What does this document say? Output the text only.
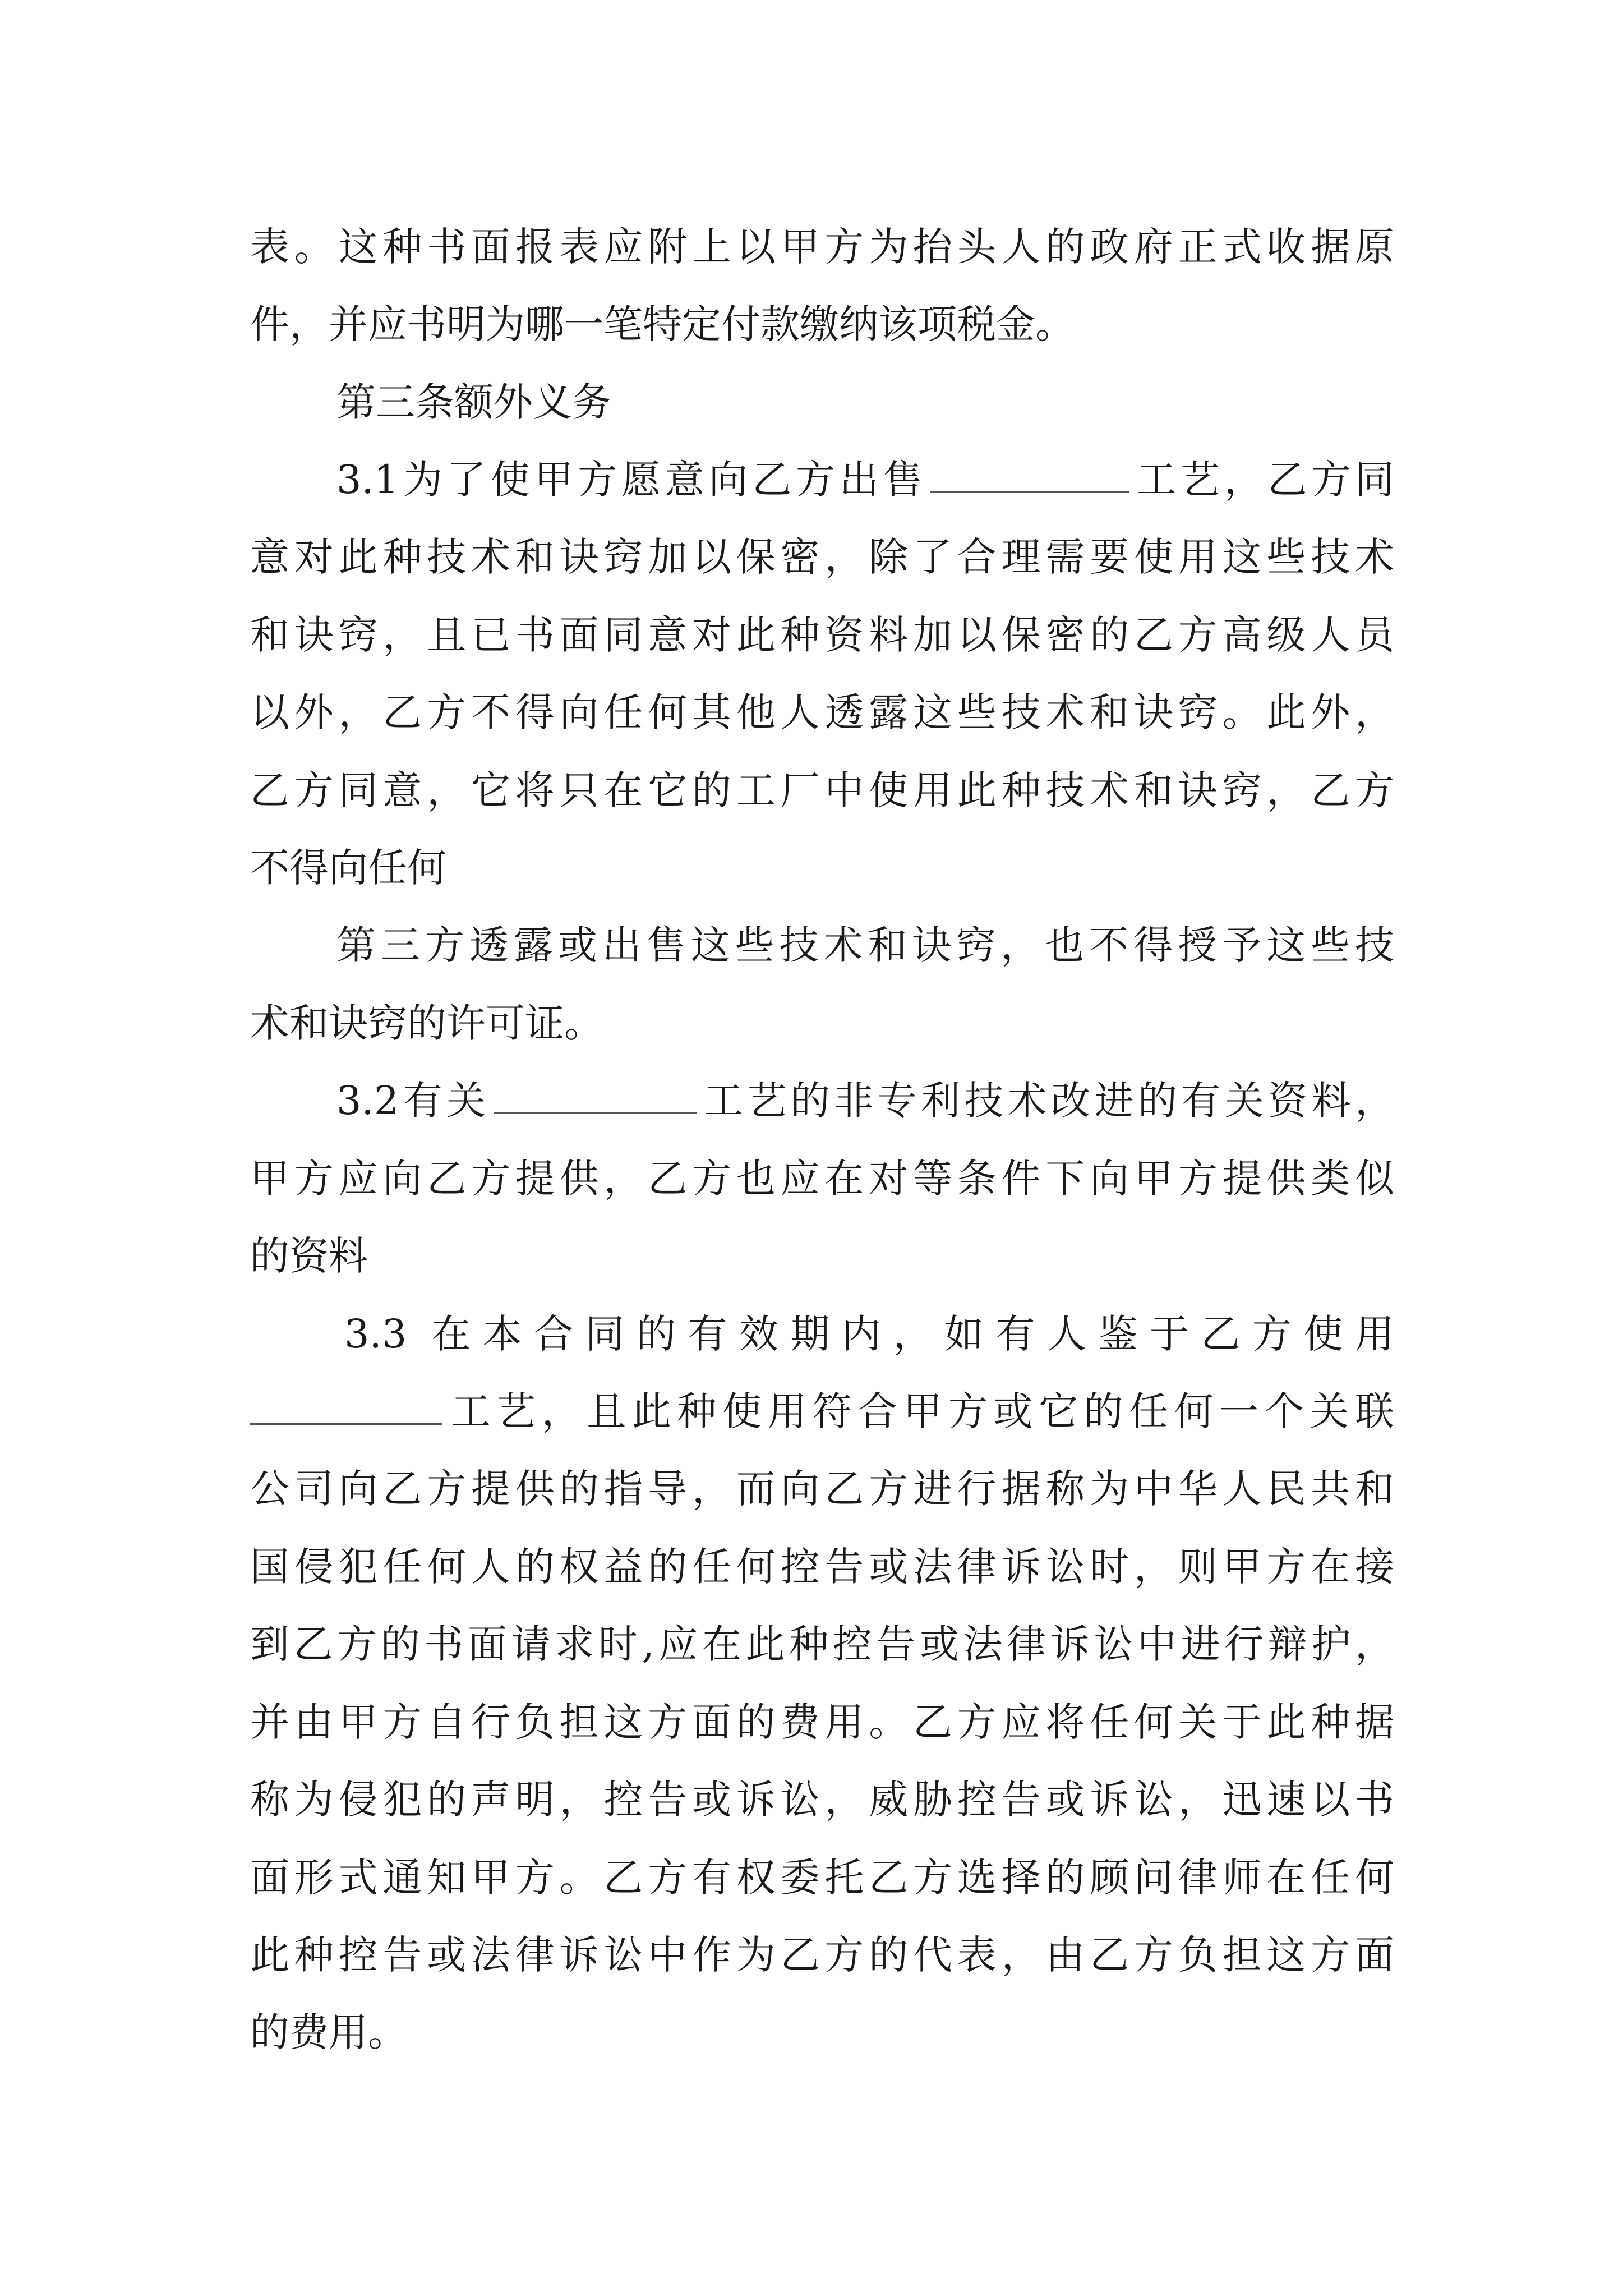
表。这种书面报表应附上以甲方为抬头人的政府正式收据原
件，并应书明为哪一笔特定付款缴纳该项税金。
第三条额外义务
3.1为了使甲方愿意向乙方出售	工艺，乙方同
意对此种技术和诀窍加以保密，除了合理需要使用这些技术
和诀窍，且已书面同意对此种资料加以保密的乙方高级人员
以外，乙方不得向任何其他人透露这些技术和诀窍。此外，
乙方同意，它将只在它的工厂中使用此种技术和诀窍，乙方
不得向任何
第三方透露或出售这些技术和诀窍，也不得授予这些技
术和诀窍的许可证。
3.2有关	工艺的非专利技术改进的有关资料，
甲方应向乙方提供，乙方也应在对等条件下向甲方提供类似
的资料
3.3 在本合同的有效期内，如有人鉴于乙方使用
工艺，且此种使用符合甲方或它的任何一个关联
公司向乙方提供的指导，而向乙方进行据称为中华人民共和
国侵犯任何人的权益的任何控告或法律诉讼时，则甲方在接
到乙方的书面请求时,应在此种控告或法律诉讼中进行辩护，
并由甲方自行负担这方面的费用。乙方应将任何关于此种据
称为侵犯的声明，控告或诉讼，威胁控告或诉讼，迅速以书
面形式通知甲方。乙方有权委托乙方选择的顾问律师在任何
此种控告或法律诉讼中作为乙方的代表，由乙方负担这方面
的费用。
